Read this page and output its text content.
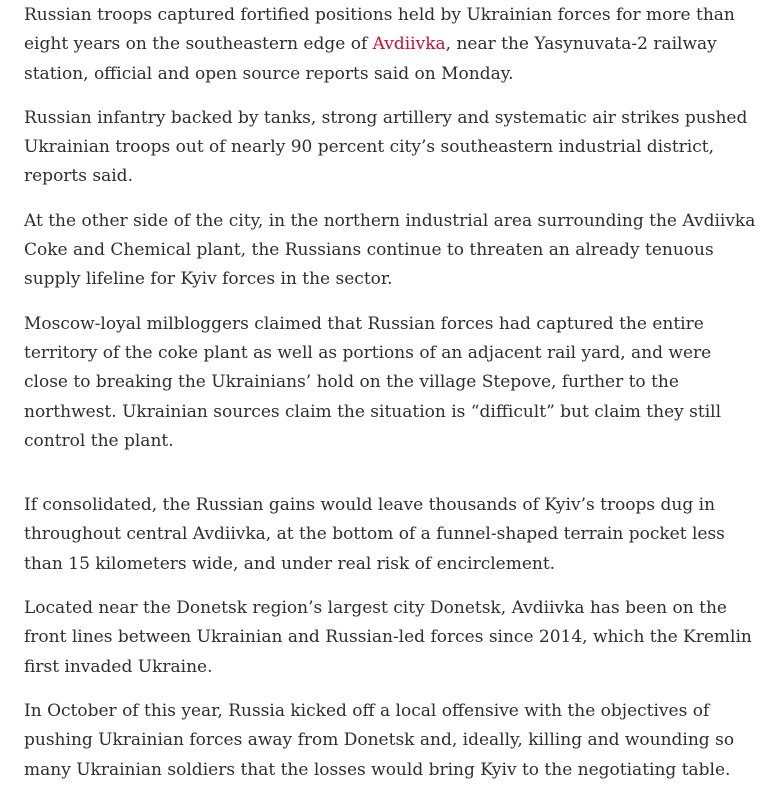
Russian troops captured fortified positions held by Ukrainian forces for more than eight years on the southeastern edge of Avdiivka, near the Yasynuvata-2 railway station, official and open source reports said on Monday.

Russian infantry backed by tanks, strong artillery and systematic air strikes pushed Ukrainian troops out of nearly 90 percent city’s southeastern industrial district, reports said.

At the other side of the city, in the northern industrial area surrounding the Avdiivka Coke and Chemical plant, the Russians continue to threaten an already tenuous supply lifeline for Kyiv forces in the sector.

Moscow-loyal milbloggers claimed that Russian forces had captured the entire territory of the coke plant as well as portions of an adjacent rail yard, and were close to breaking the Ukrainians’ hold on the village Stepove, further to the northwest. Ukrainian sources claim the situation is “difficult” but claim they still control the plant.

If consolidated, the Russian gains would leave thousands of Kyiv’s troops dug in throughout central Avdiivka, at the bottom of a funnel-shaped terrain pocket less than 15 kilometers wide, and under real risk of encirclement.

Located near the Donetsk region’s largest city Donetsk, Avdiivka has been on the front lines between Ukrainian and Russian-led forces since 2014, which the Kremlin first invaded Ukraine.

In October of this year, Russia kicked off a local offensive with the objectives of pushing Ukrainian forces away from Donetsk and, ideally, killing and wounding so many Ukrainian soldiers that the losses would bring Kyiv to the negotiating table.
